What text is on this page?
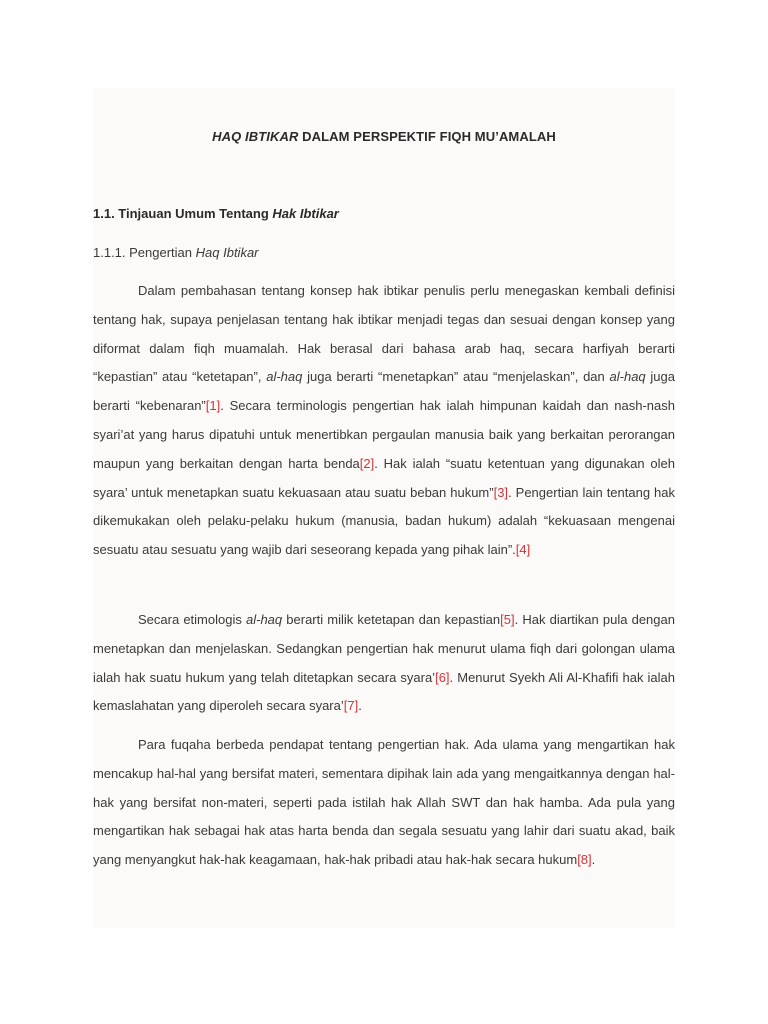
HAQ IBTIKAR DALAM PERSPEKTIF FIQH MU’AMALAH
1.1. Tinjauan Umum Tentang Hak Ibtikar
1.1.1. Pengertian Haq Ibtikar

Dalam pembahasan tentang konsep hak ibtikar penulis perlu menegaskan kembali definisi tentang hak, supaya penjelasan tentang hak ibtikar menjadi tegas dan sesuai dengan konsep yang diformat dalam fiqh muamalah. Hak berasal dari bahasa arab haq, secara harfiyah berarti “kepastian” atau “ketetapan”, al-haq juga berarti “menetapkan” atau “menjelaskan”, dan al-haq juga berarti “kebenaran”[1]. Secara terminologis pengertian hak ialah himpunan kaidah dan nash-nash syari’at yang harus dipatuhi untuk menertibkan pergaulan manusia baik yang berkaitan perorangan maupun yang berkaitan dengan harta benda[2]. Hak ialah “suatu ketentuan yang digunakan oleh syara’ untuk menetapkan suatu kekuasaan atau suatu beban hukum”[3]. Pengertian lain tentang hak dikemukakan oleh pelaku-pelaku hukum (manusia, badan hukum) adalah “kekuasaan mengenai sesuatu atau sesuatu yang wajib dari seseorang kepada yang pihak lain”.[4]

Secara etimologis al-haq berarti milik ketetapan dan kepastian[5]. Hak diartikan pula dengan menetapkan dan menjelaskan. Sedangkan pengertian hak menurut ulama fiqh dari golongan ulama ialah hak suatu hukum yang telah ditetapkan secara syara’[6]. Menurut Syekh Ali Al-Khafifi hak ialah kemaslahatan yang diperoleh secara syara’[7].

Para fuqaha berbeda pendapat tentang pengertian hak. Ada ulama yang mengartikan hak mencakup hal-hal yang bersifat materi, sementara dipihak lain ada yang mengaitkannya dengan hal-hak yang bersifat non-materi, seperti pada istilah hak Allah SWT dan hak hamba. Ada pula yang mengartikan hak sebagai hak atas harta benda dan segala sesuatu yang lahir dari suatu akad, baik yang menyangkut hak-hak keagamaan, hak-hak pribadi atau hak-hak secara hukum[8].
